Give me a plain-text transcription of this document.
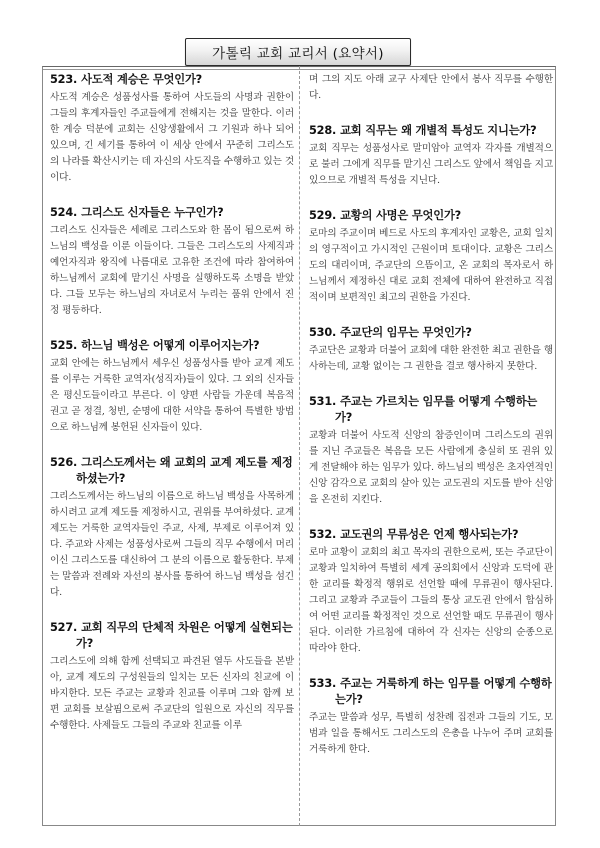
가톨릭 교회 교리서 (요약서)
523. 사도적 계승은 무엇인가?
사도적 계승은 성품성사를 통하여 사도들의 사명과 권한이 그들의 후계자들인 주교들에게 전해지는 것을 말한다. 이러한 계승 덕분에 교회는 신앙생활에서 그 기원과 하나 되어 있으며, 긴 세기를 통하여 이 세상 안에서 꾸준히 그리스도의 나라를 확산시키는 데 자신의 사도직을 수행하고 있는 것이다.
524. 그리스도 신자들은 누구인가?
그리스도 신자들은 세례로 그리스도와 한 몸이 됨으로써 하느님의 백성을 이룬 이들이다. 그들은 그리스도의 사제직과 예언자직과 왕직에 나름대로 고유한 조건에 따라 참여하여 하느님께서 교회에 맡기신 사명을 실행하도록 소명을 받았다. 그들 모두는 하느님의 자녀로서 누리는 품위 안에서 진정 평등하다.
525. 하느님 백성은 어떻게 이루어지는가?
교회 안에는 하느님께서 세우신 성품성사를 받아 교계 제도를 이루는 거룩한 교역자(성직자)들이 있다. 그 외의 신자들은 평신도들이라고 부른다. 이 양편 사람들 가운데 복음적 권고 곧 정결, 청빈, 순명에 대한 서약을 통하여 특별한 방법으로 하느님께 봉헌된 신자들이 있다.
526. 그리스도께서는 왜 교회의 교계 제도를 제정하셨는가?
그리스도께서는 하느님의 이름으로 하느님 백성을 사목하게 하시려고 교계 제도를 제정하시고, 권위를 부여하셨다. 교계 제도는 거룩한 교역자들인 주교, 사제, 부제로 이루어져 있다. 주교와 사제는 성품성사로써 그들의 직무 수행에서 머리이신 그리스도를 대신하여 그 분의 이름으로 활동한다. 부제는 말씀과 전례와 자선의 봉사를 통하여 하느님 백성을 섬긴다.
527. 교회 직무의 단체적 차원은 어떻게 실현되는가?
그리스도에 의해 함께 선택되고 파견된 열두 사도들을 본받아, 교계 제도의 구성원들의 일치는 모든 신자의 친교에 이바지한다. 모든 주교는 교황과 친교를 이루며 그와 함께 보편 교회를 보살핌으로써 주교단의 일원으로 자신의 직무를 수행한다. 사제들도 그들의 주교와 친교를 이루
며 그의 지도 아래 교구 사제단 안에서 봉사 직무를 수행한다.
528. 교회 직무는 왜 개별적 특성도 지니는가?
교회 직무는 성품성사로 말미암아 교역자 각자를 개별적으로 불러 그에게 직무를 맡기신 그리스도 앞에서 책임을 지고 있으므로 개별적 특성을 지닌다.
529. 교황의 사명은 무엇인가?
로마의 주교이며 베드로 사도의 후계자인 교황은, 교회 일치의 영구적이고 가시적인 근원이며 토대이다. 교황은 그리스도의 대리이며, 주교단의 으뜸이고, 온 교회의 목자로서 하느님께서 제정하신 대로 교회 전체에 대하여 완전하고 직접적이며 보편적인 최고의 권한을 가진다.
530. 주교단의 임무는 무엇인가?
주교단은 교황과 더불어 교회에 대한 완전한 최고 권한을 행사하는데, 교황 없이는 그 권한을 결코 행사하지 못한다.
531. 주교는 가르치는 임무를 어떻게 수행하는가?
교황과 더불어 사도적 신앙의 참증인이며 그리스도의 권위를 지닌 주교들은 복음을 모든 사람에게 충실히 또 권위 있게 전달해야 하는 임무가 있다. 하느님의 백성은 초자연적인 신앙 감각으로 교회의 살아 있는 교도권의 지도를 받아 신앙을 온전히 지킨다.
532. 교도권의 무류성은 언제 행사되는가?
로마 교황이 교회의 최고 목자의 권한으로써, 또는 주교단이 교황과 일치하여 특별히 세계 공의회에서 신앙과 도덕에 관한 교리를 확정적 행위로 선언할 때에 무류권이 행사된다. 그리고 교황과 주교들이 그들의 통상 교도권 안에서 합심하여 어떤 교리를 확정적인 것으로 선언할 때도 무류권이 행사된다. 이러한 가르침에 대하여 각 신자는 신앙의 순종으로 따라야 한다.
533. 주교는 거룩하게 하는 임무를 어떻게 수행하는가?
주교는 말씀과 성무, 특별히 성찬례 집전과 그들의 기도, 모범과 일을 통해서도 그리스도의 은총을 나누어 주며 교회를 거룩하게 한다.
